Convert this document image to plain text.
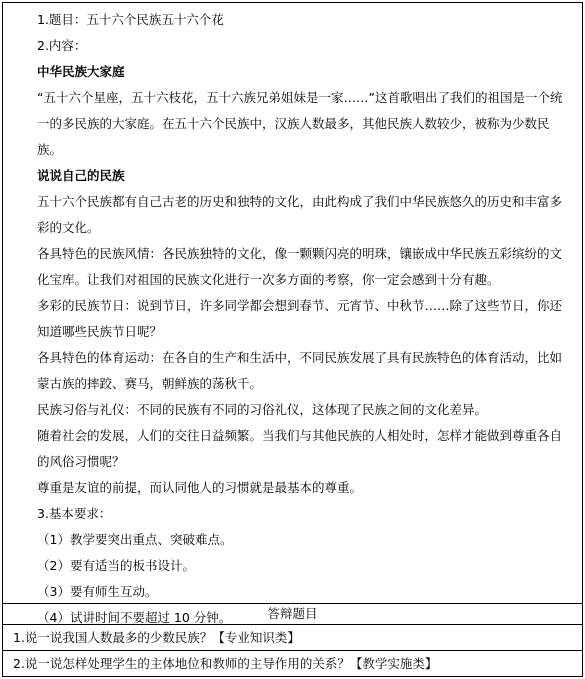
1.题目：五十六个民族五十六个花
2.内容：
中华民族大家庭
“五十六个星座，五十六枝花，五十六族兄弟姐妹是一家……”这首歌唱出了我们的祖国是一个统一的多民族的大家庭。在五十六个民族中，汉族人数最多，其他民族人数较少，被称为少数民族。
说说自己的民族
五十六个民族都有自己古老的历史和独特的文化，由此构成了我们中华民族悠久的历史和丰富多彩的文化。
各具特色的民族风情：各民族独特的文化，像一颗颗闪亮的明珠，镶嵌成中华民族五彩缤纷的文化宝库。让我们对祖国的民族文化进行一次多方面的考察，你一定会感到十分有趣。
多彩的民族节日：说到节日，许多同学都会想到春节、元宵节、中秋节……除了这些节日，你还知道哪些民族节日呢？
各具特色的体育运动：在各自的生产和生活中，不同民族发展了具有民族特色的体育活动，比如蒙古族的摔跤、赛马，朝鲜族的荡秋千。
民族习俗与礼仪：不同的民族有不同的习俗礼仪，这体现了民族之间的文化差异。
随着社会的发展，人们的交往日益频繁。当我们与其他民族的人相处时，怎样才能做到尊重各自的风俗习惯呢？
尊重是友谊的前提，而认同他人的习惯就是最基本的尊重。
3.基本要求：
（1）教学要突出重点、突破难点。
（2）要有适当的板书设计。
（3）要有师生互动。
（4）试讲时间不要超过 10 分钟。	答辩题目
1.说一说我国人数最多的少数民族？【专业知识类】
2.说一说怎样处理学生的主体地位和教师的主导作用的关系？【教学实施类】
